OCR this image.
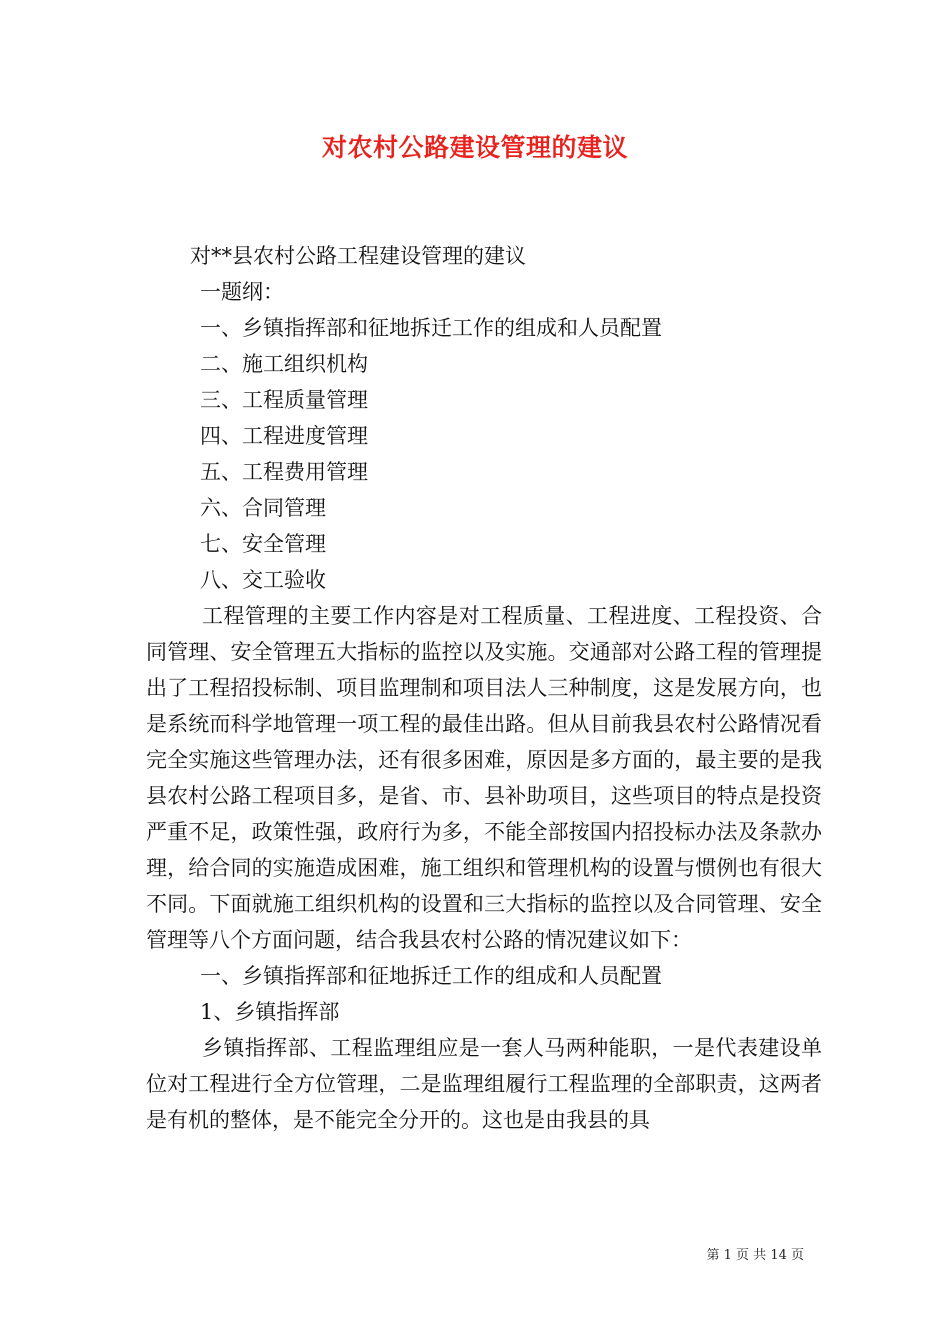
对农村公路建设管理的建议
对**县农村公路工程建设管理的建议
一题纲：
一、乡镇指挥部和征地拆迁工作的组成和人员配置
二、施工组织机构
三、工程质量管理
四、工程进度管理
五、工程费用管理
六、合同管理
七、安全管理
八、交工验收

工程管理的主要工作内容是对工程质量、工程进度、工程投资、合同管理、安全管理五大指标的监控以及实施。交通部对公路工程的管理提出了工程招投标制、项目监理制和项目法人三种制度，这是发展方向，也是系统而科学地管理一项工程的最佳出路。但从目前我县农村公路情况看完全实施这些管理办法，还有很多困难，原因是多方面的，最主要的是我县农村公路工程项目多，是省、市、县补助项目，这些项目的特点是投资严重不足，政策性强，政府行为多，不能全部按国内招投标办法及条款办理，给合同的实施造成困难，施工组织和管理机构的设置与惯例也有很大不同。下面就施工组织机构的设置和三大指标的监控以及合同管理、安全管理等八个方面问题，结合我县农村公路的情况建议如下：

一、乡镇指挥部和征地拆迁工作的组成和人员配置
1、乡镇指挥部

乡镇指挥部、工程监理组应是一套人马两种能职，一是代表建设单位对工程进行全方位管理，二是监理组履行工程监理的全部职责，这两者是有机的整体，是不能完全分开的。这也是由我县的具

第 1 页 共 14 页
